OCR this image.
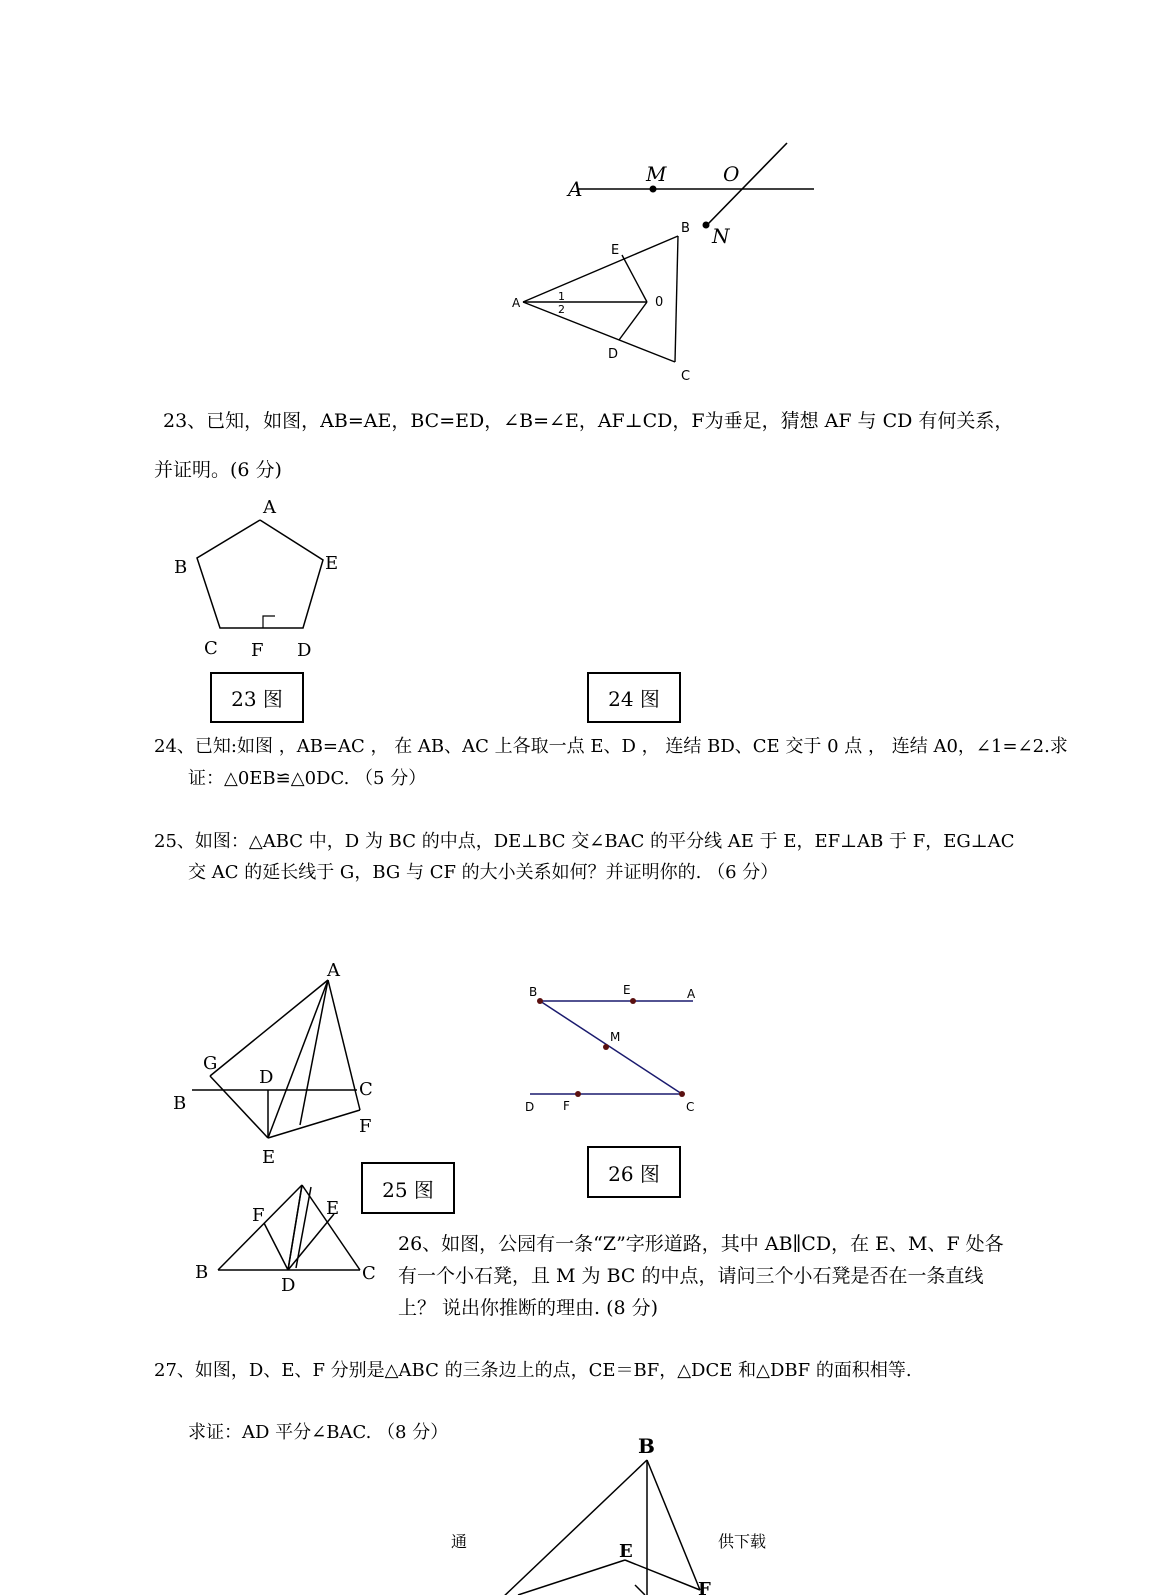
A
M	O
N
B
E
A	1
2	0
D
C
23、已知，如图，AB=AE，BC=ED，∠B=∠E，AF⊥CD，F为垂足，猜想 AF 与 CD 有何关系，
并证明。(6 分)
A
B	E
C F D
23 图	24 图
24、已知:如图 ，AB=AC ， 在 AB、AC 上各取一点 E、D ， 连结 BD、CE 交于 0 点 ， 连结 A0，∠1=∠2.求
证：△0EB≌△0DC. （5 分）
25、如图：△ABC 中，D 为 BC 的中点，DE⊥BC 交∠BAC 的平分线 AE 于 E，EF⊥AB 于 F，EG⊥AC
交 AC 的延长线于 G，BG 与 CF 的大小关系如何？并证明你的. （6 分）
A
G
D
C
B
F
E
B	E	A
M
D F	C
F	E
B
D
C
25 图
26 图
26、如图，公园有一条“Z”字形道路，其中 AB∥CD，在 E、M、F 处各
有一个小石凳，且 M 为 BC 的中点，请问三个小石凳是否在一条直线
上？ 说出你推断的理由. (8 分)
27、如图，D、E、F 分别是△ABC 的三条边上的点，CE＝BF，△DCE 和△DBF 的面积相等.
求证：AD 平分∠BAC. （8 分）
B
E
F
通	供下载
